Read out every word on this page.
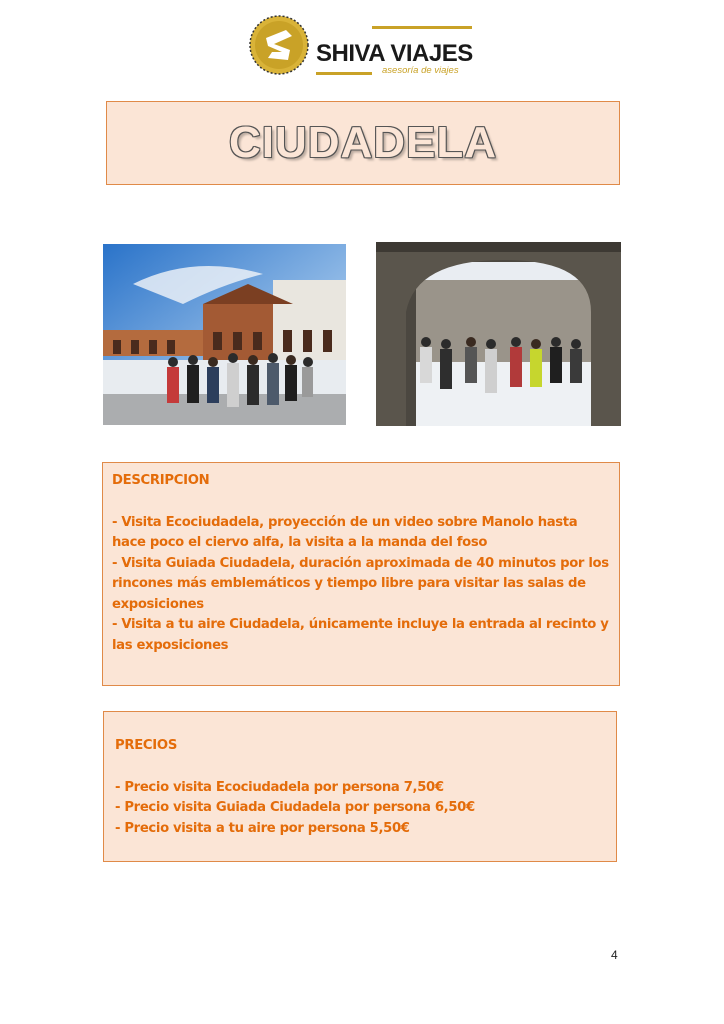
SHIVA VIAJES
asesoría de viajes
CIUDADELA
DESCRIPCION
- Visita Ecociudadela, proyección de un video sobre Manolo hasta hace poco el ciervo alfa, la visita a la manda del foso
- Visita Guiada Ciudadela, duración aproximada de 40 minutos por los rincones más emblemáticos y tiempo libre para visitar las salas de exposiciones
- Visita a tu aire Ciudadela, únicamente incluye la entrada al recinto y las exposiciones
PRECIOS
- Precio visita Ecociudadela por persona 7,50€
- Precio visita Guiada Ciudadela por persona 6,50€
- Precio visita a tu aire por persona 5,50€
4
